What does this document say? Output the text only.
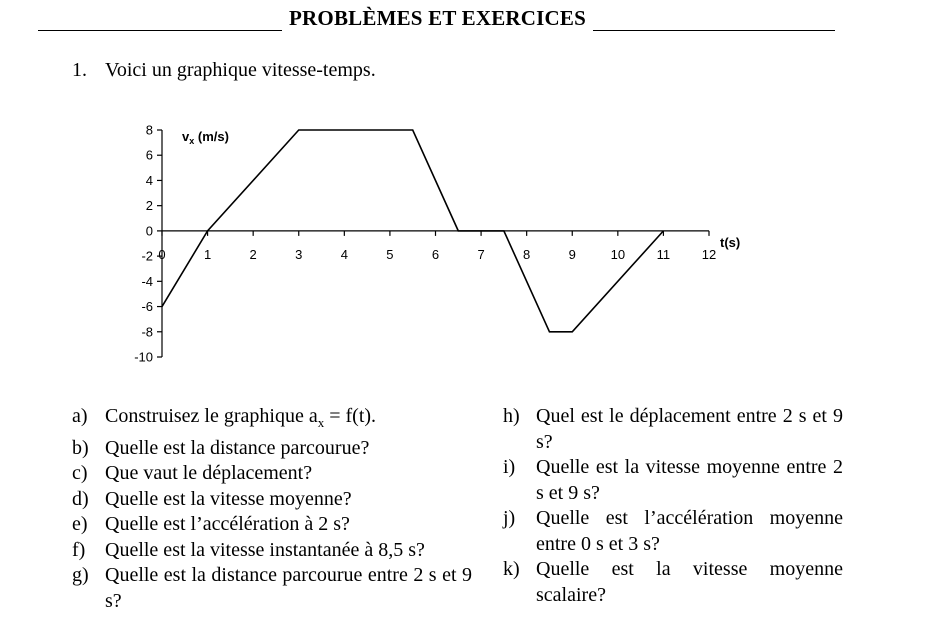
PROBLÈMES ET EXERCICES
1. Voici un graphique vitesse-temps.
8
6
4
2
0
-2
-4
-6
-8
-10
0	1	2	3	4	5	6	7	8	9	10 11 12
$v_x$ (m/s)
t(s)
a) Construisez le graphique $a_x = f(t)$.
b) Quelle est la distance parcourue?
c) Que vaut le déplacement?
d) Quelle est la vitesse moyenne?
e) Quelle est l’accélération à 2 s?
f) Quelle est la vitesse instantanée à 8,5 s?
g) Quelle est la distance parcourue entre 2 s et 9 s?
h) Quel est le déplacement entre 2 s et 9 s?
i)	Quelle est la vitesse moyenne entre 2 s et 9 s?
j)	Quelle est l’accélération moyenne entre 0 s et 3 s?
k) Quelle est la vitesse moyenne scalaire?
